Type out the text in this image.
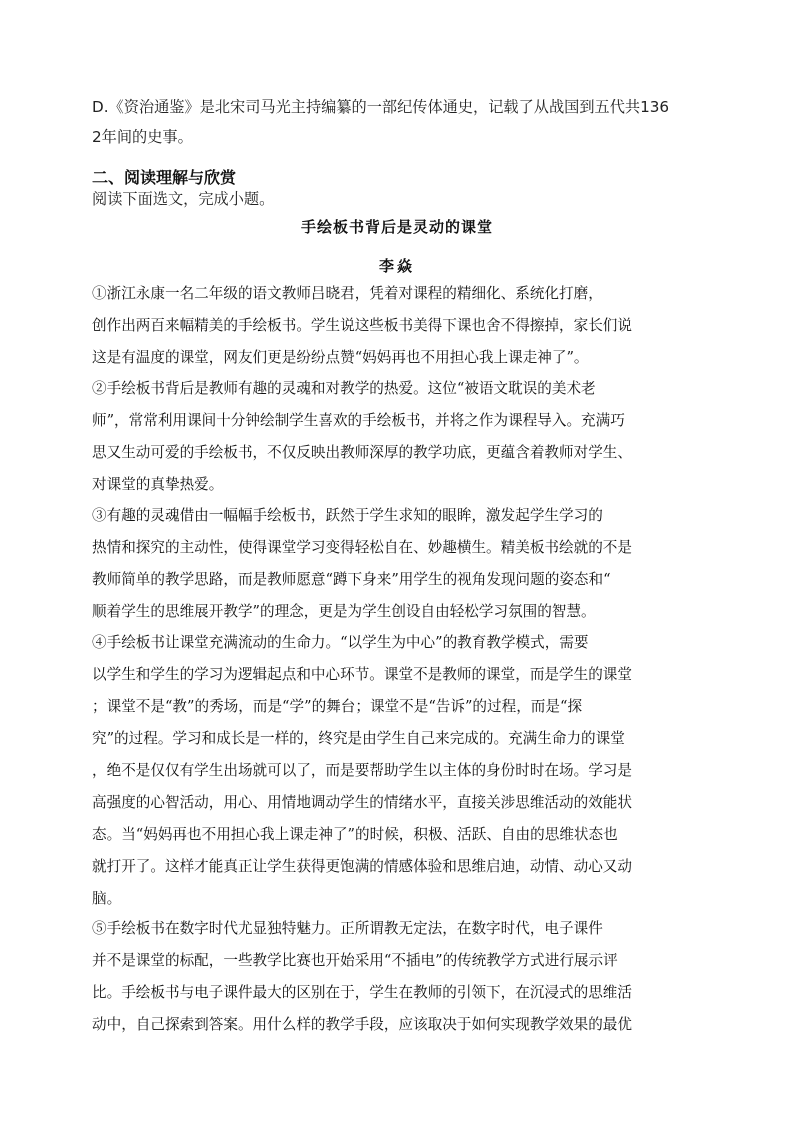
D.《资治通鉴》是北宋司马光主持编纂的一部纪传体通史，记载了从战国到五代共136
2年间的史事。
二、阅读理解与欣赏
阅读下面选文，完成小题。
手绘板书背后是灵动的课堂
李焱
①浙江永康一名二年级的语文教师吕晓君，凭着对课程的精细化、系统化打磨，
创作出两百来幅精美的手绘板书。学生说这些板书美得下课也舍不得擦掉，家长们说
这是有温度的课堂，网友们更是纷纷点赞“妈妈再也不用担心我上课走神了”。
②手绘板书背后是教师有趣的灵魂和对教学的热爱。这位“被语文耽误的美术老
师”，常常利用课间十分钟绘制学生喜欢的手绘板书，并将之作为课程导入。充满巧
思又生动可爱的手绘板书，不仅反映出教师深厚的教学功底，更蕴含着教师对学生、
对课堂的真挚热爱。
③有趣的灵魂借由一幅幅手绘板书，跃然于学生求知的眼眸，激发起学生学习的
热情和探究的主动性，使得课堂学习变得轻松自在、妙趣横生。精美板书绘就的不是
教师简单的教学思路，而是教师愿意“蹲下身来”用学生的视角发现问题的姿态和“
顺着学生的思维展开教学”的理念，更是为学生创设自由轻松学习氛围的智慧。
④手绘板书让课堂充满流动的生命力。“以学生为中心”的教育教学模式，需要
以学生和学生的学习为逻辑起点和中心环节。课堂不是教师的课堂，而是学生的课堂
；课堂不是“教”的秀场，而是“学”的舞台；课堂不是“告诉”的过程，而是“探
究”的过程。学习和成长是一样的，终究是由学生自己来完成的。充满生命力的课堂
，绝不是仅仅有学生出场就可以了，而是要帮助学生以主体的身份时时在场。学习是
高强度的心智活动，用心、用情地调动学生的情绪水平，直接关涉思维活动的效能状
态。当“妈妈再也不用担心我上课走神了”的时候，积极、活跃、自由的思维状态也
就打开了。这样才能真正让学生获得更饱满的情感体验和思维启迪，动情、动心又动
脑。
⑤手绘板书在数字时代尤显独特魅力。正所谓教无定法，在数字时代，电子课件
并不是课堂的标配，一些教学比赛也开始采用“不插电”的传统教学方式进行展示评
比。手绘板书与电子课件最大的区别在于，学生在教师的引领下，在沉浸式的思维活
动中，自己探索到答案。用什么样的教学手段，应该取决于如何实现教学效果的最优
